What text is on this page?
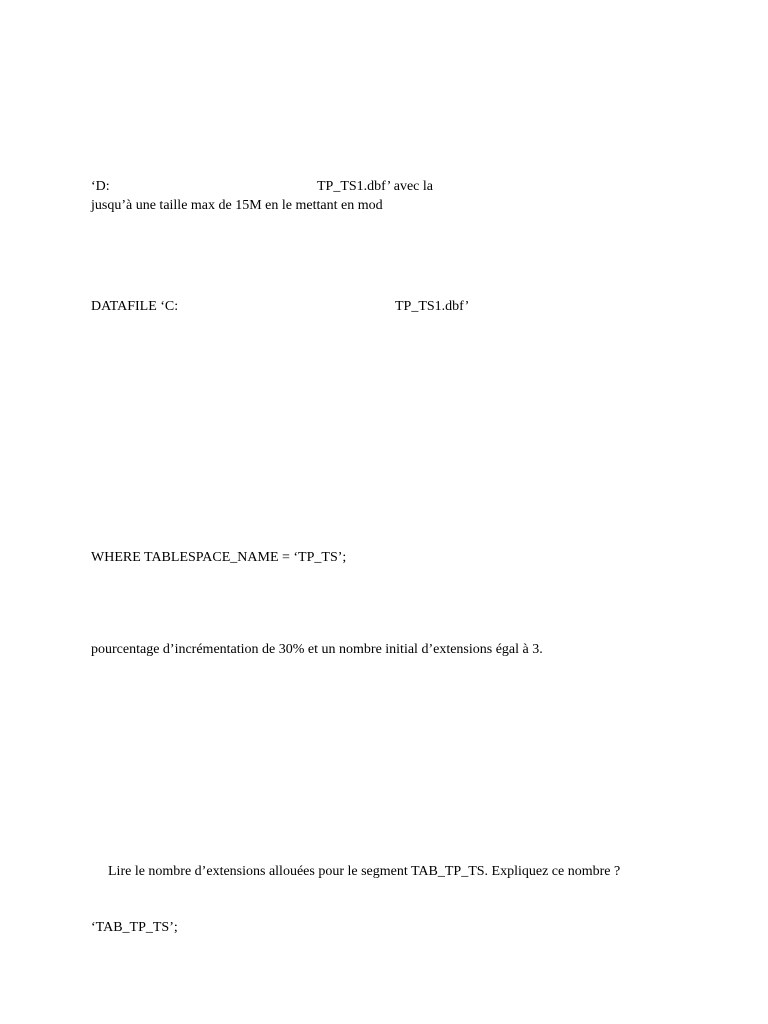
‘D:	TP_TS1.dbf’ avec la
jusqu’à une taille max de 15M en le mettant en mod
DATAFILE ‘C:	TP_TS1.dbf’
WHERE TABLESPACE_NAME = ‘TP_TS’;
pourcentage d’incrémentation de 30% et un nombre initial d’extensions égal à 3.
Lire le nombre d’extensions allouées pour le segment TAB_TP_TS. Expliquez ce nombre ?
‘TAB_TP_TS’;
